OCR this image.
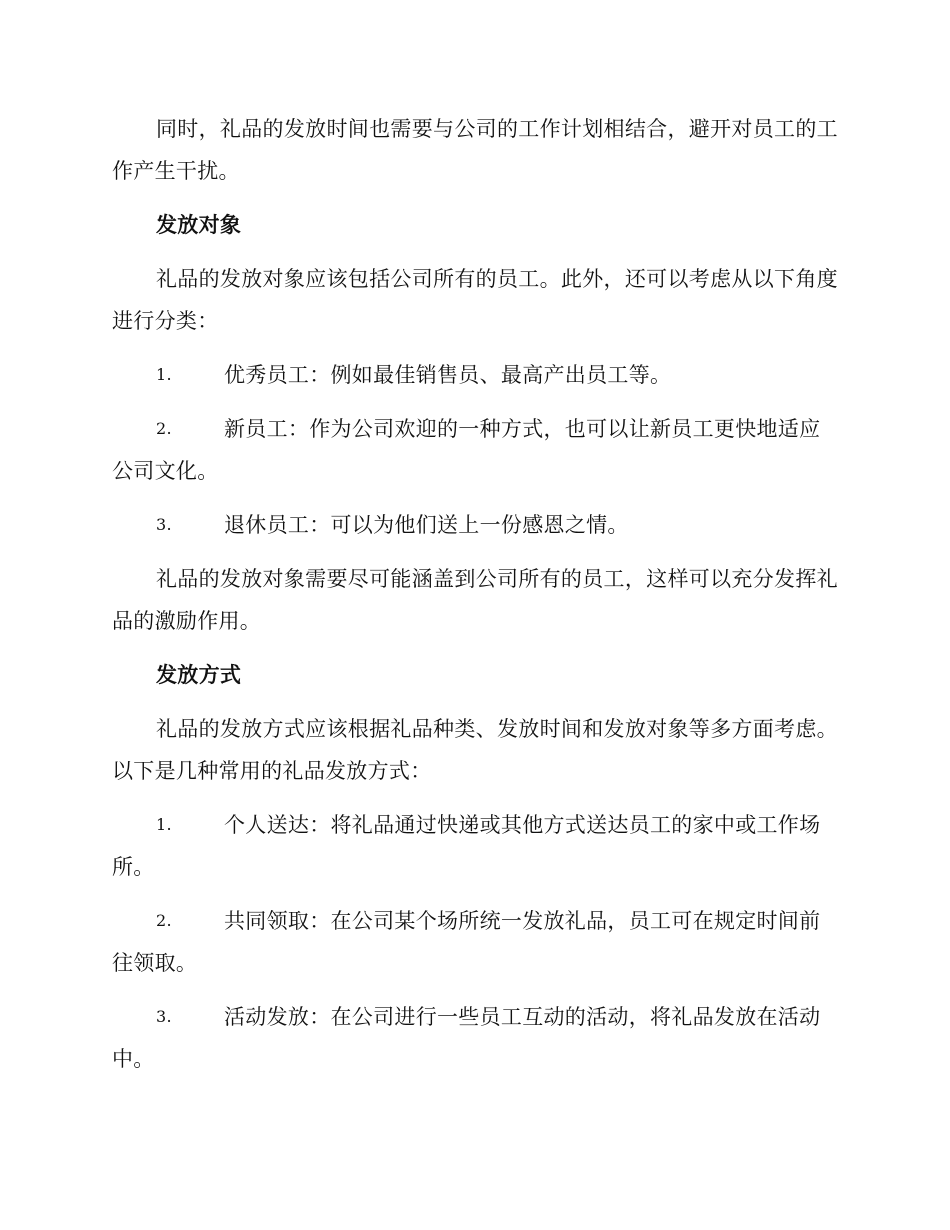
同时，礼品的发放时间也需要与公司的工作计划相结合，避开对员工的工作产生干扰。

发放对象

礼品的发放对象应该包括公司所有的员工。此外，还可以考虑从以下角度进行分类：

1. 优秀员工：例如最佳销售员、最高产出员工等。
2. 新员工：作为公司欢迎的一种方式，也可以让新员工更快地适应公司文化。
3. 退休员工：可以为他们送上一份感恩之情。

礼品的发放对象需要尽可能涵盖到公司所有的员工，这样可以充分发挥礼品的激励作用。

发放方式

礼品的发放方式应该根据礼品种类、发放时间和发放对象等多方面考虑。以下是几种常用的礼品发放方式：

1. 个人送达：将礼品通过快递或其他方式送达员工的家中或工作场所。
2. 共同领取：在公司某个场所统一发放礼品，员工可在规定时间前往领取。
3. 活动发放：在公司进行一些员工互动的活动，将礼品发放在活动中。
